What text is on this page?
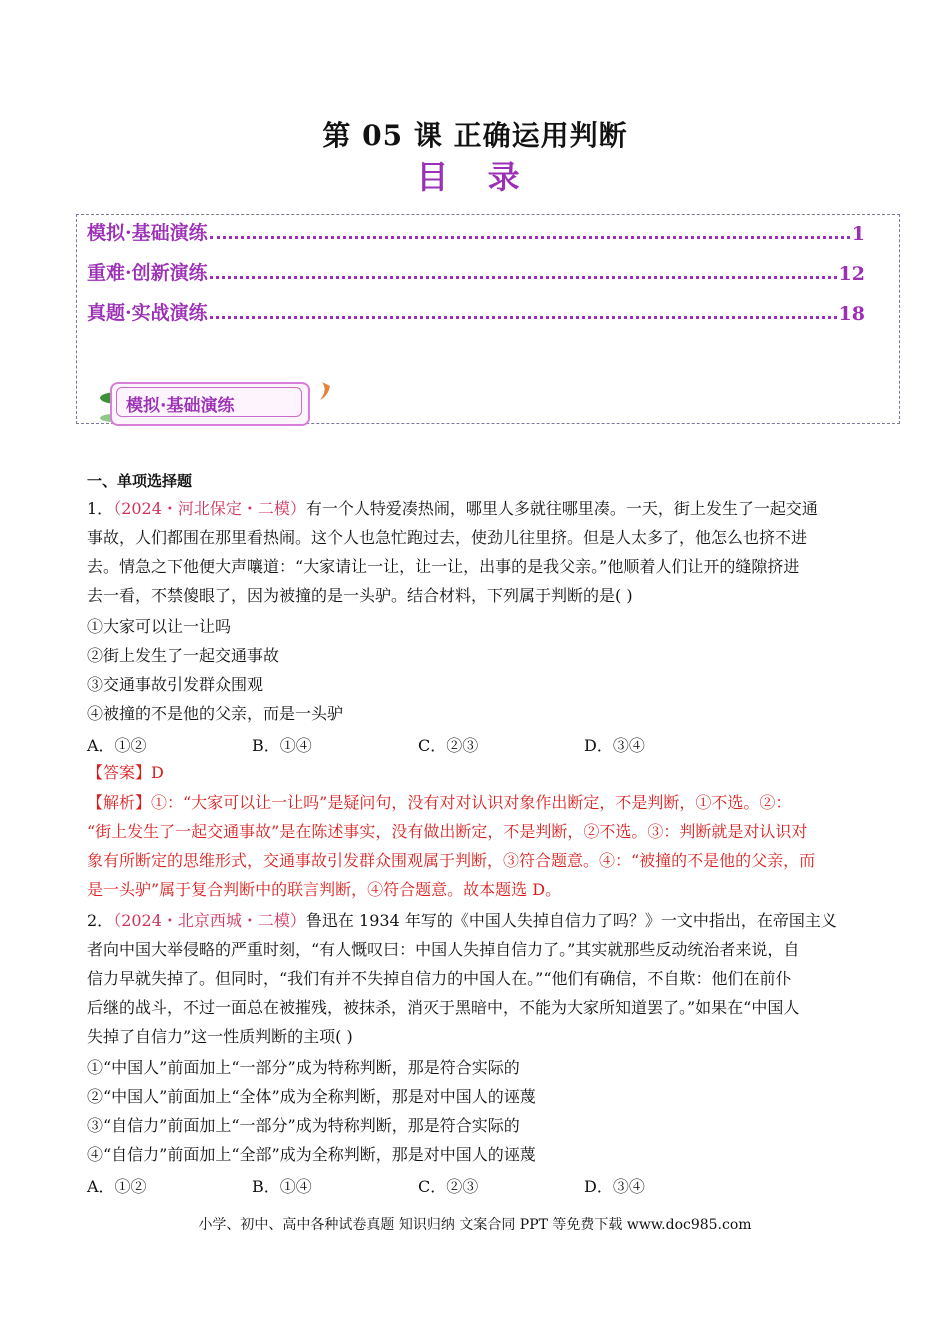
第 05 课 正确运用判断
目 录
模拟·基础演练	1
重难·创新演练	12
真题·实战演练	18
模拟·基础演练
一、单项选择题
1．（2024・河北保定・二模）有一个人特爱凑热闹，哪里人多就往哪里凑。一天，街上发生了一起交通
事故，人们都围在那里看热闹。这个人也急忙跑过去，使劲儿往里挤。但是人太多了，他怎么也挤不进
去。情急之下他便大声嚷道：“大家请让一让，让一让，出事的是我父亲。”他顺着人们让开的缝隙挤进
去一看，不禁傻眼了，因为被撞的是一头驴。结合材料，下列属于判断的是( )
①大家可以让一让吗
②街上发生了一起交通事故
③交通事故引发群众围观
④被撞的不是他的父亲，而是一头驴
A．①②	B．①④	C．②③	D．③④
【答案】D
【解析】①：“大家可以让一让吗”是疑问句，没有对对认识对象作出断定，不是判断，①不选。②：
“街上发生了一起交通事故”是在陈述事实，没有做出断定，不是判断，②不选。③：判断就是对认识对
象有所断定的思维形式，交通事故引发群众围观属于判断，③符合题意。④：“被撞的不是他的父亲，而
是一头驴”属于复合判断中的联言判断，④符合题意。故本题选 D。
2．（2024・北京西城・二模）鲁迅在 1934 年写的《中国人失掉自信力了吗？》一文中指出，在帝国主义
者向中国大举侵略的严重时刻，“有人慨叹曰：中国人失掉自信力了。”其实就那些反动统治者来说，自
信力早就失掉了。但同时，“我们有并不失掉自信力的中国人在。”“他们有确信，不自欺：他们在前仆
后继的战斗，不过一面总在被摧残，被抹杀，消灭于黑暗中，不能为大家所知道罢了。”如果在“中国人
失掉了自信力”这一性质判断的主项( )
①“中国人”前面加上“一部分”成为特称判断，那是符合实际的
②“中国人”前面加上“全体”成为全称判断，那是对中国人的诬蔑
③“自信力”前面加上“一部分”成为特称判断，那是符合实际的
④“自信力”前面加上“全部”成为全称判断，那是对中国人的诬蔑
A．①②	B．①④	C．②③	D．③④
小学、初中、高中各种试卷真题 知识归纳 文案合同 PPT 等免费下载 www.doc985.com
